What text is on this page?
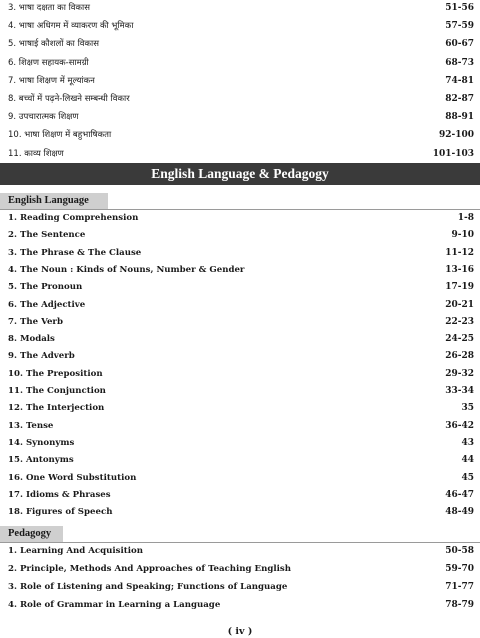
3. भाषा दक्षता का विकास	51-56
4. भाषा अधिगम में व्याकरण की भूमिका	57-59
5. भाषाई कौशलों का विकास	60-67
6. शिक्षण सहायक-सामग्री	68-73
7. भाषा शिक्षण में मूल्यांकन	74-81
8. बच्चों में पढ़ने-लिखने सम्बन्धी विकार	82-87
9. उपचारात्मक शिक्षण	88-91
10. भाषा शिक्षण में बहुभाषिकता	92-100
11. काव्य शिक्षण	101-103
English Language & Pedagogy
English Language
1. Reading Comprehension	1-8
2. The Sentence	9-10
3. The Phrase & The Clause	11-12
4. The Noun : Kinds of Nouns, Number & Gender	13-16
5. The Pronoun	17-19
6. The Adjective	20-21
7. The Verb	22-23
8. Modals	24-25
9. The Adverb	26-28
10. The Preposition	29-32
11. The Conjunction	33-34
12. The Interjection	35
13. Tense	36-42
14. Synonyms	43
15. Antonyms	44
16. One Word Substitution	45
17. Idioms & Phrases	46-47
18. Figures of Speech	48-49
Pedagogy
1. Learning And Acquisition	50-58
2. Principle, Methods And Approaches of Teaching English	59-70
3. Role of Listening and Speaking; Functions of Language	71-77
4. Role of Grammar in Learning a Language	78-79
( iv )
